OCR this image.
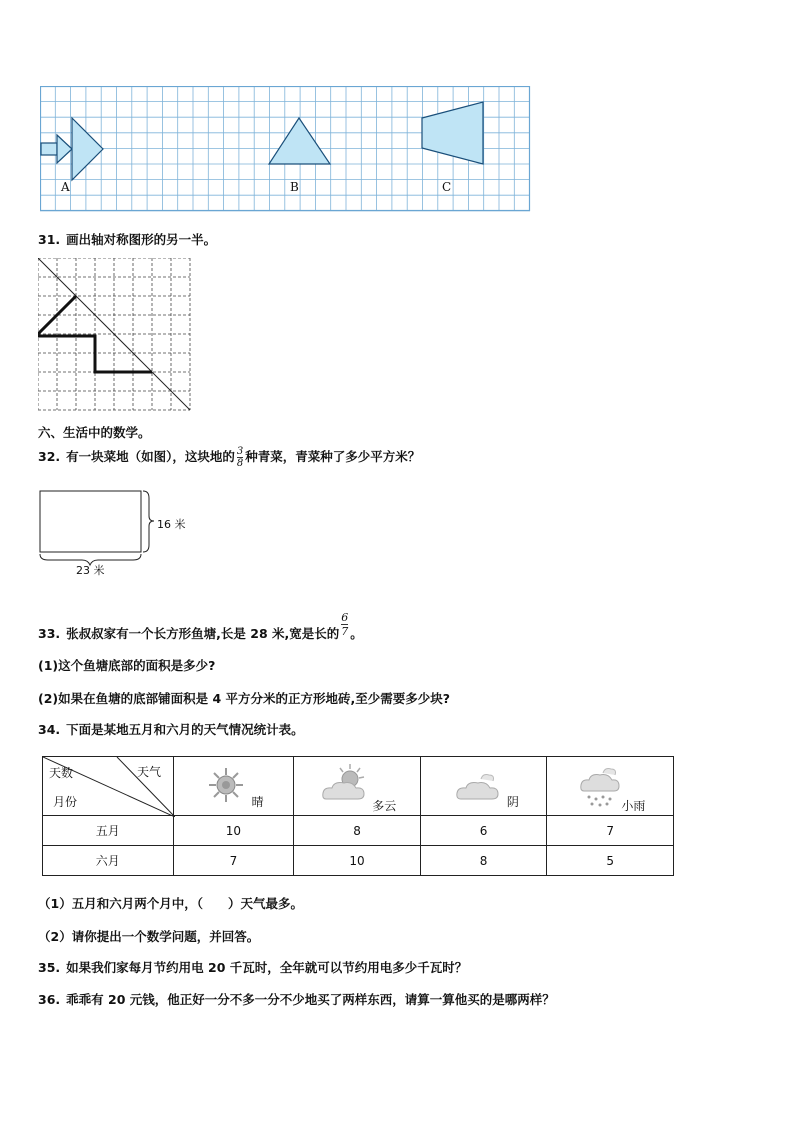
A	B	C
31. 画出轴对称图形的另一半。
六、生活中的数学。
32. 有一块菜地（如图），这块地的 $\frac{3}{8}$ 种青菜，青菜种了多少平方米？
16 米
23 米
33. 张叔叔家有一个长方形鱼塘,长是 28 米,宽是长的 $\frac{6}{7}$ 。
(1)这个鱼塘底部的面积是多少?
(2)如果在鱼塘的底部铺面积是 4 平方分米的正方形地砖,至少需要多少块?
34. 下面是某地五月和六月的天气情况统计表。
天数 天气
月份	晴	多云	阴	小雨

五月	10	8	6	7
六月	7	10	8	5
（1）五月和六月两个月中，（　　）天气最多。
（2）请你提出一个数学问题，并回答。
35. 如果我们家每月节约用电 20 千瓦时，全年就可以节约用电多少千瓦时？
36. 乖乖有 20 元钱，他正好一分不多一分不少地买了两样东西，请算一算他买的是哪两样？
